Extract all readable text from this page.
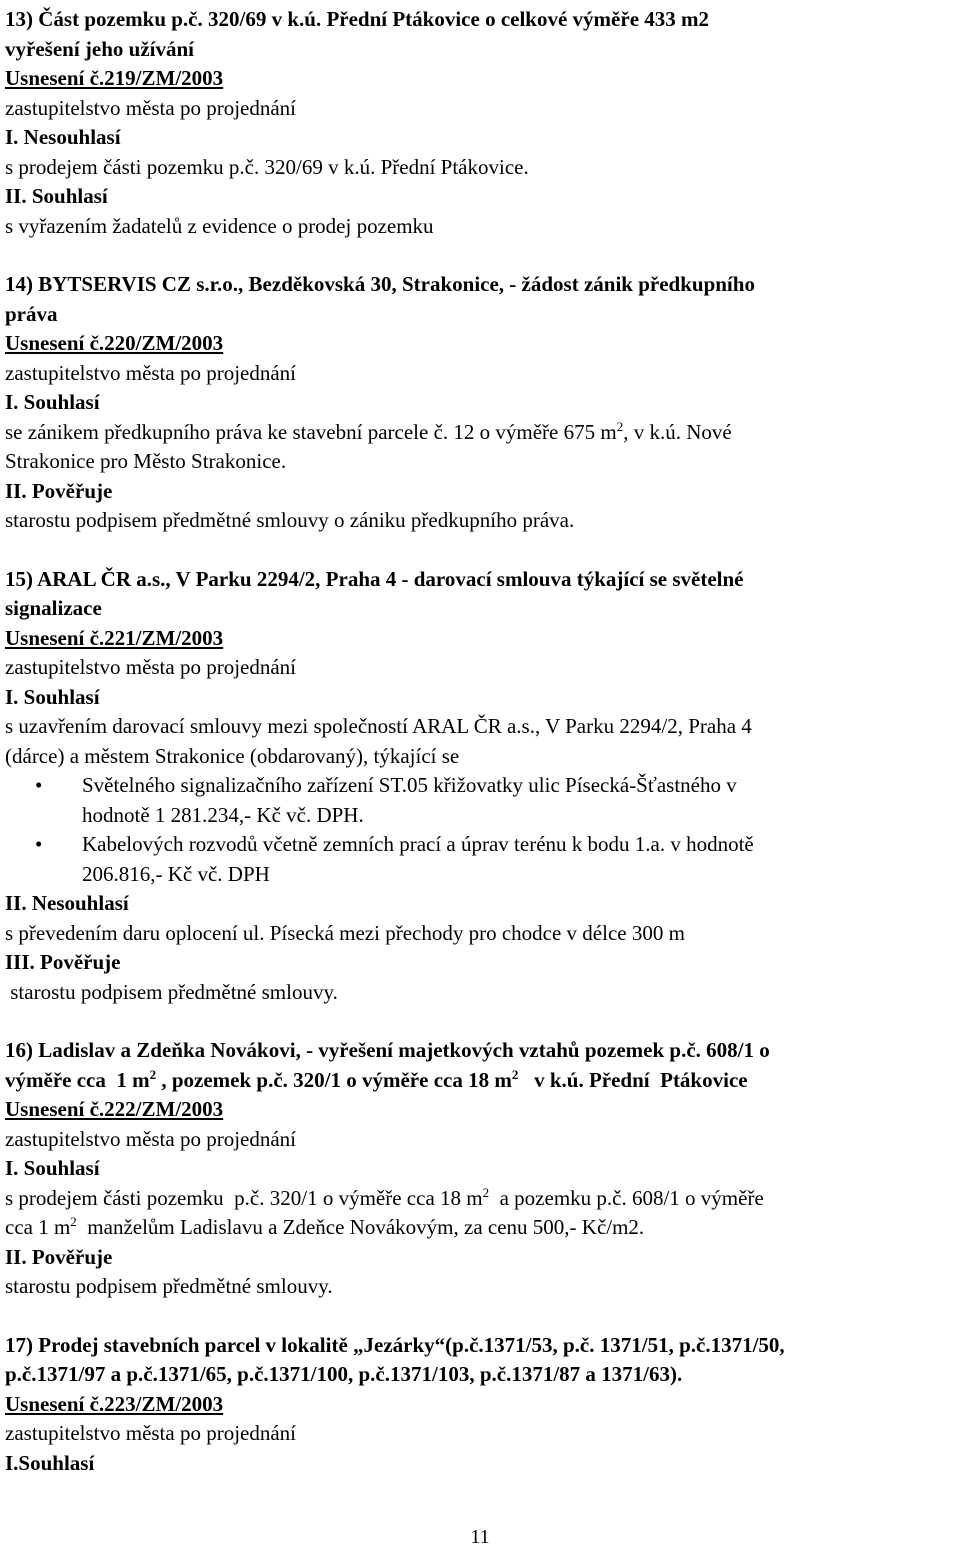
13) Část pozemku p.č. 320/69 v k.ú. Přední Ptákovice o celkové výměře 433 m2

vyřešení jeho užívání

Usnesení č.219/ZM/2003

zastupitelstvo města po projednání

I. Nesouhlasí

s prodejem části pozemku p.č. 320/69 v k.ú. Přední Ptákovice.

II. Souhlasí

s vyřazením žadatelů z evidence o prodej pozemku

14) BYTSERVIS CZ s.r.o., Bezděkovská 30, Strakonice, - žádost zánik předkupního

práva

Usnesení č.220/ZM/2003

zastupitelstvo města po projednání

I. Souhlasí

se zánikem předkupního práva ke stavební parcele č. 12 o výměře 675 $m^2$, v k.ú. Nové

Strakonice pro Město Strakonice.

II. Pověřuje

starostu podpisem předmětné smlouvy o zániku předkupního práva.

15) ARAL ČR a.s., V Parku 2294/2, Praha 4 - darovací smlouva týkající se světelné

signalizace

Usnesení č.221/ZM/2003

zastupitelstvo města po projednání

I. Souhlasí

s uzavřením darovací smlouvy mezi společností ARAL ČR a.s., V Parku 2294/2, Praha 4

(dárce) a městem Strakonice (obdarovaný), týkající se

• Světelného signalizačního zařízení ST.05 křižovatky ulic Písecká-Šťastného v

hodnotě 1 281.234,- Kč vč. DPH.

• Kabelových rozvodů včetně zemních prací a úprav terénu k bodu 1.a. v hodnotě

206.816,- Kč vč. DPH

II. Nesouhlasí

s převedením daru oplocení ul. Písecká mezi přechody pro chodce v délce 300 m

III. Pověřuje

starostu podpisem předmětné smlouvy.

16) Ladislav a Zdeňka Novákovi, - vyřešení majetkových vztahů pozemek p.č. 608/1 o

výměře cca  1 $m^2$ , pozemek p.č. 320/1 o výměře cca 18 $m^2$   v k.ú. Přední  Ptákovice

Usnesení č.222/ZM/2003

zastupitelstvo města po projednání

I. Souhlasí

s prodejem části pozemku  p.č. 320/1 o výměře cca 18 $m^2$  a pozemku p.č. 608/1 o výměře

cca 1 $m^2$  manželům Ladislavu a Zdeňce Novákovým, za cenu 500,- Kč/m2.

II. Pověřuje

starostu podpisem předmětné smlouvy.

17) Prodej stavebních parcel v lokalitě „Jezárky“(p.č.1371/53, p.č. 1371/51, p.č.1371/50,

p.č.1371/97 a p.č.1371/65, p.č.1371/100, p.č.1371/103, p.č.1371/87 a 1371/63).

Usnesení č.223/ZM/2003

zastupitelstvo města po projednání

I.Souhlasí

11
